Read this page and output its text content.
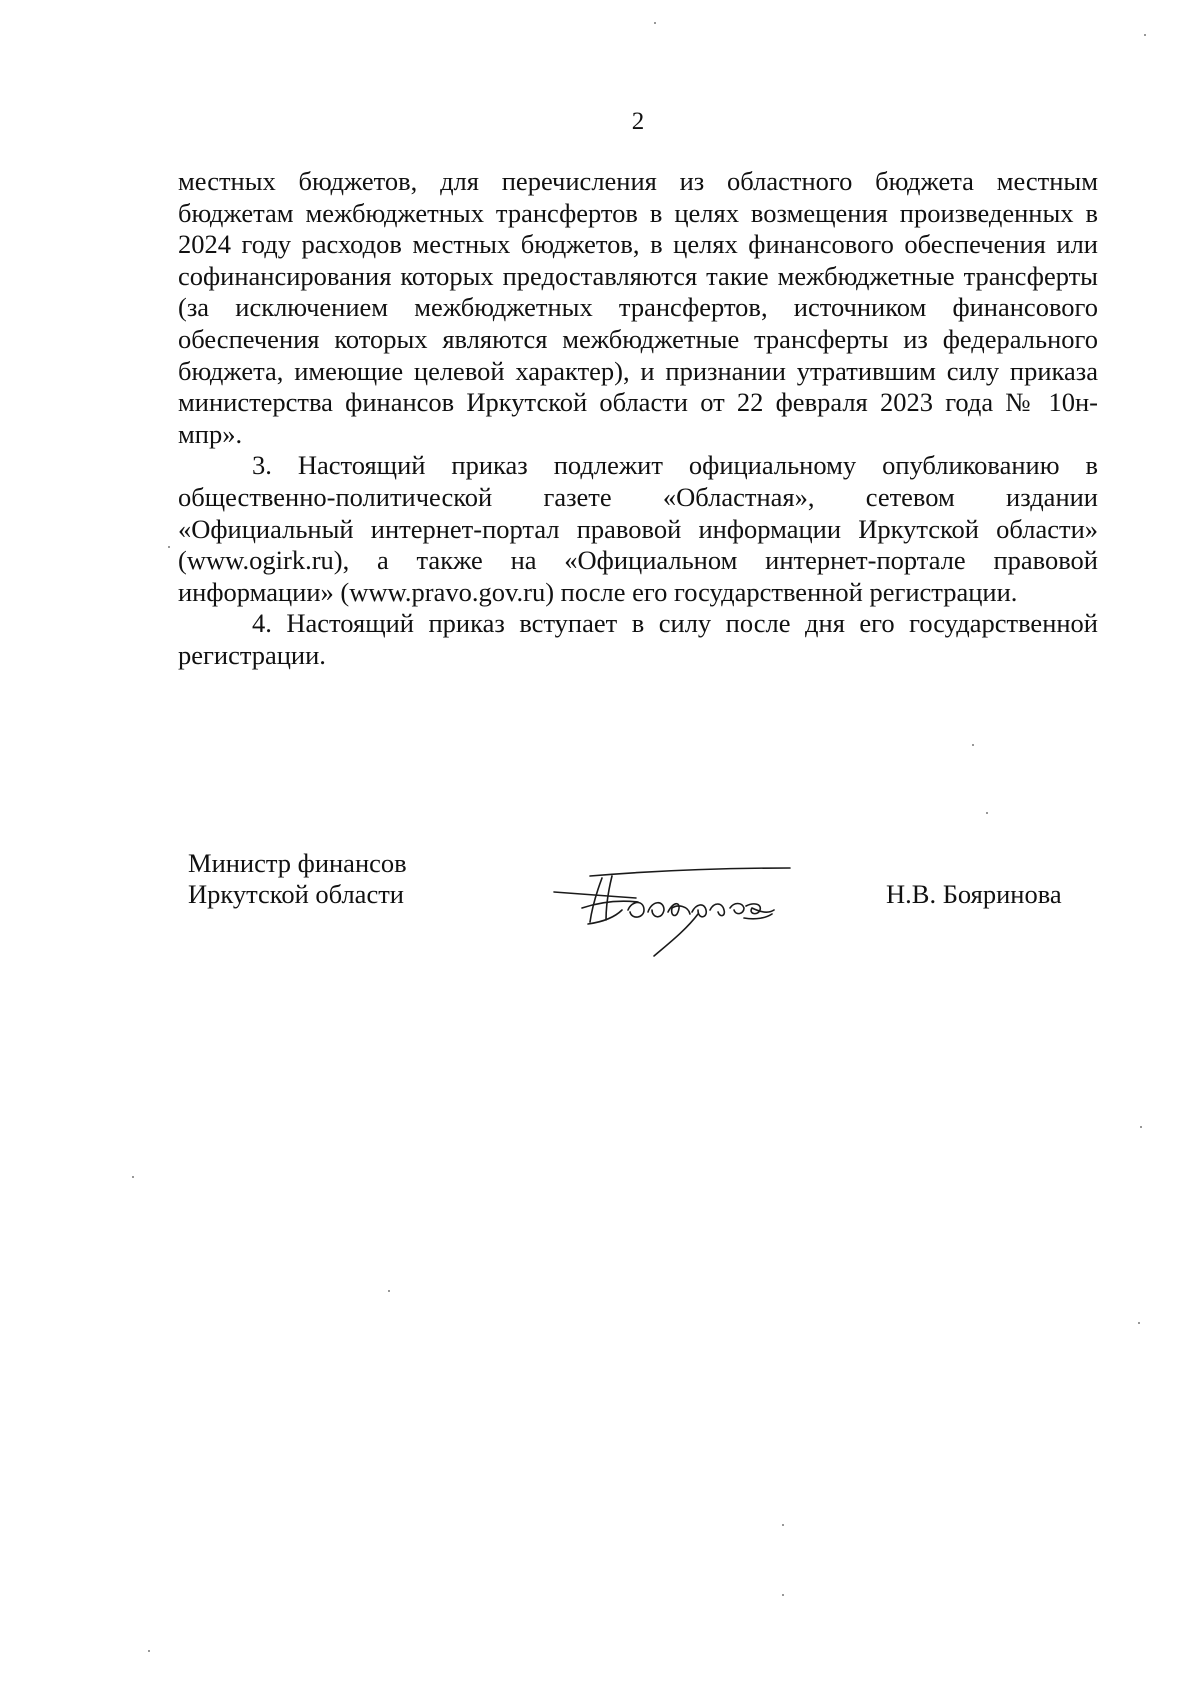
2

местных бюджетов, для перечисления из областного бюджета местным бюджетам межбюджетных трансфертов в целях возмещения произведенных в 2024 году расходов местных бюджетов, в целях финансового обеспечения или софинансирования которых предоставляются такие межбюджетные трансферты (за исключением межбюджетных трансфертов, источником финансового обеспечения которых являются межбюджетные трансферты из федерального бюджета, имеющие целевой характер), и признании утратившим силу приказа министерства финансов Иркутской области от 22 февраля 2023 года № 10н-мпр».

3. Настоящий приказ подлежит официальному опубликованию в общественно-политической газете «Областная», сетевом издании «Официальный интернет-портал правовой информации Иркутской области» (www.ogirk.ru), а также на «Официальном интернет-портале правовой информации» (www.pravo.gov.ru) после его государственной регистрации.

4. Настоящий приказ вступает в силу после дня его государственной регистрации.

Министр финансов
Иркутской области	Н.В. Бояринова
